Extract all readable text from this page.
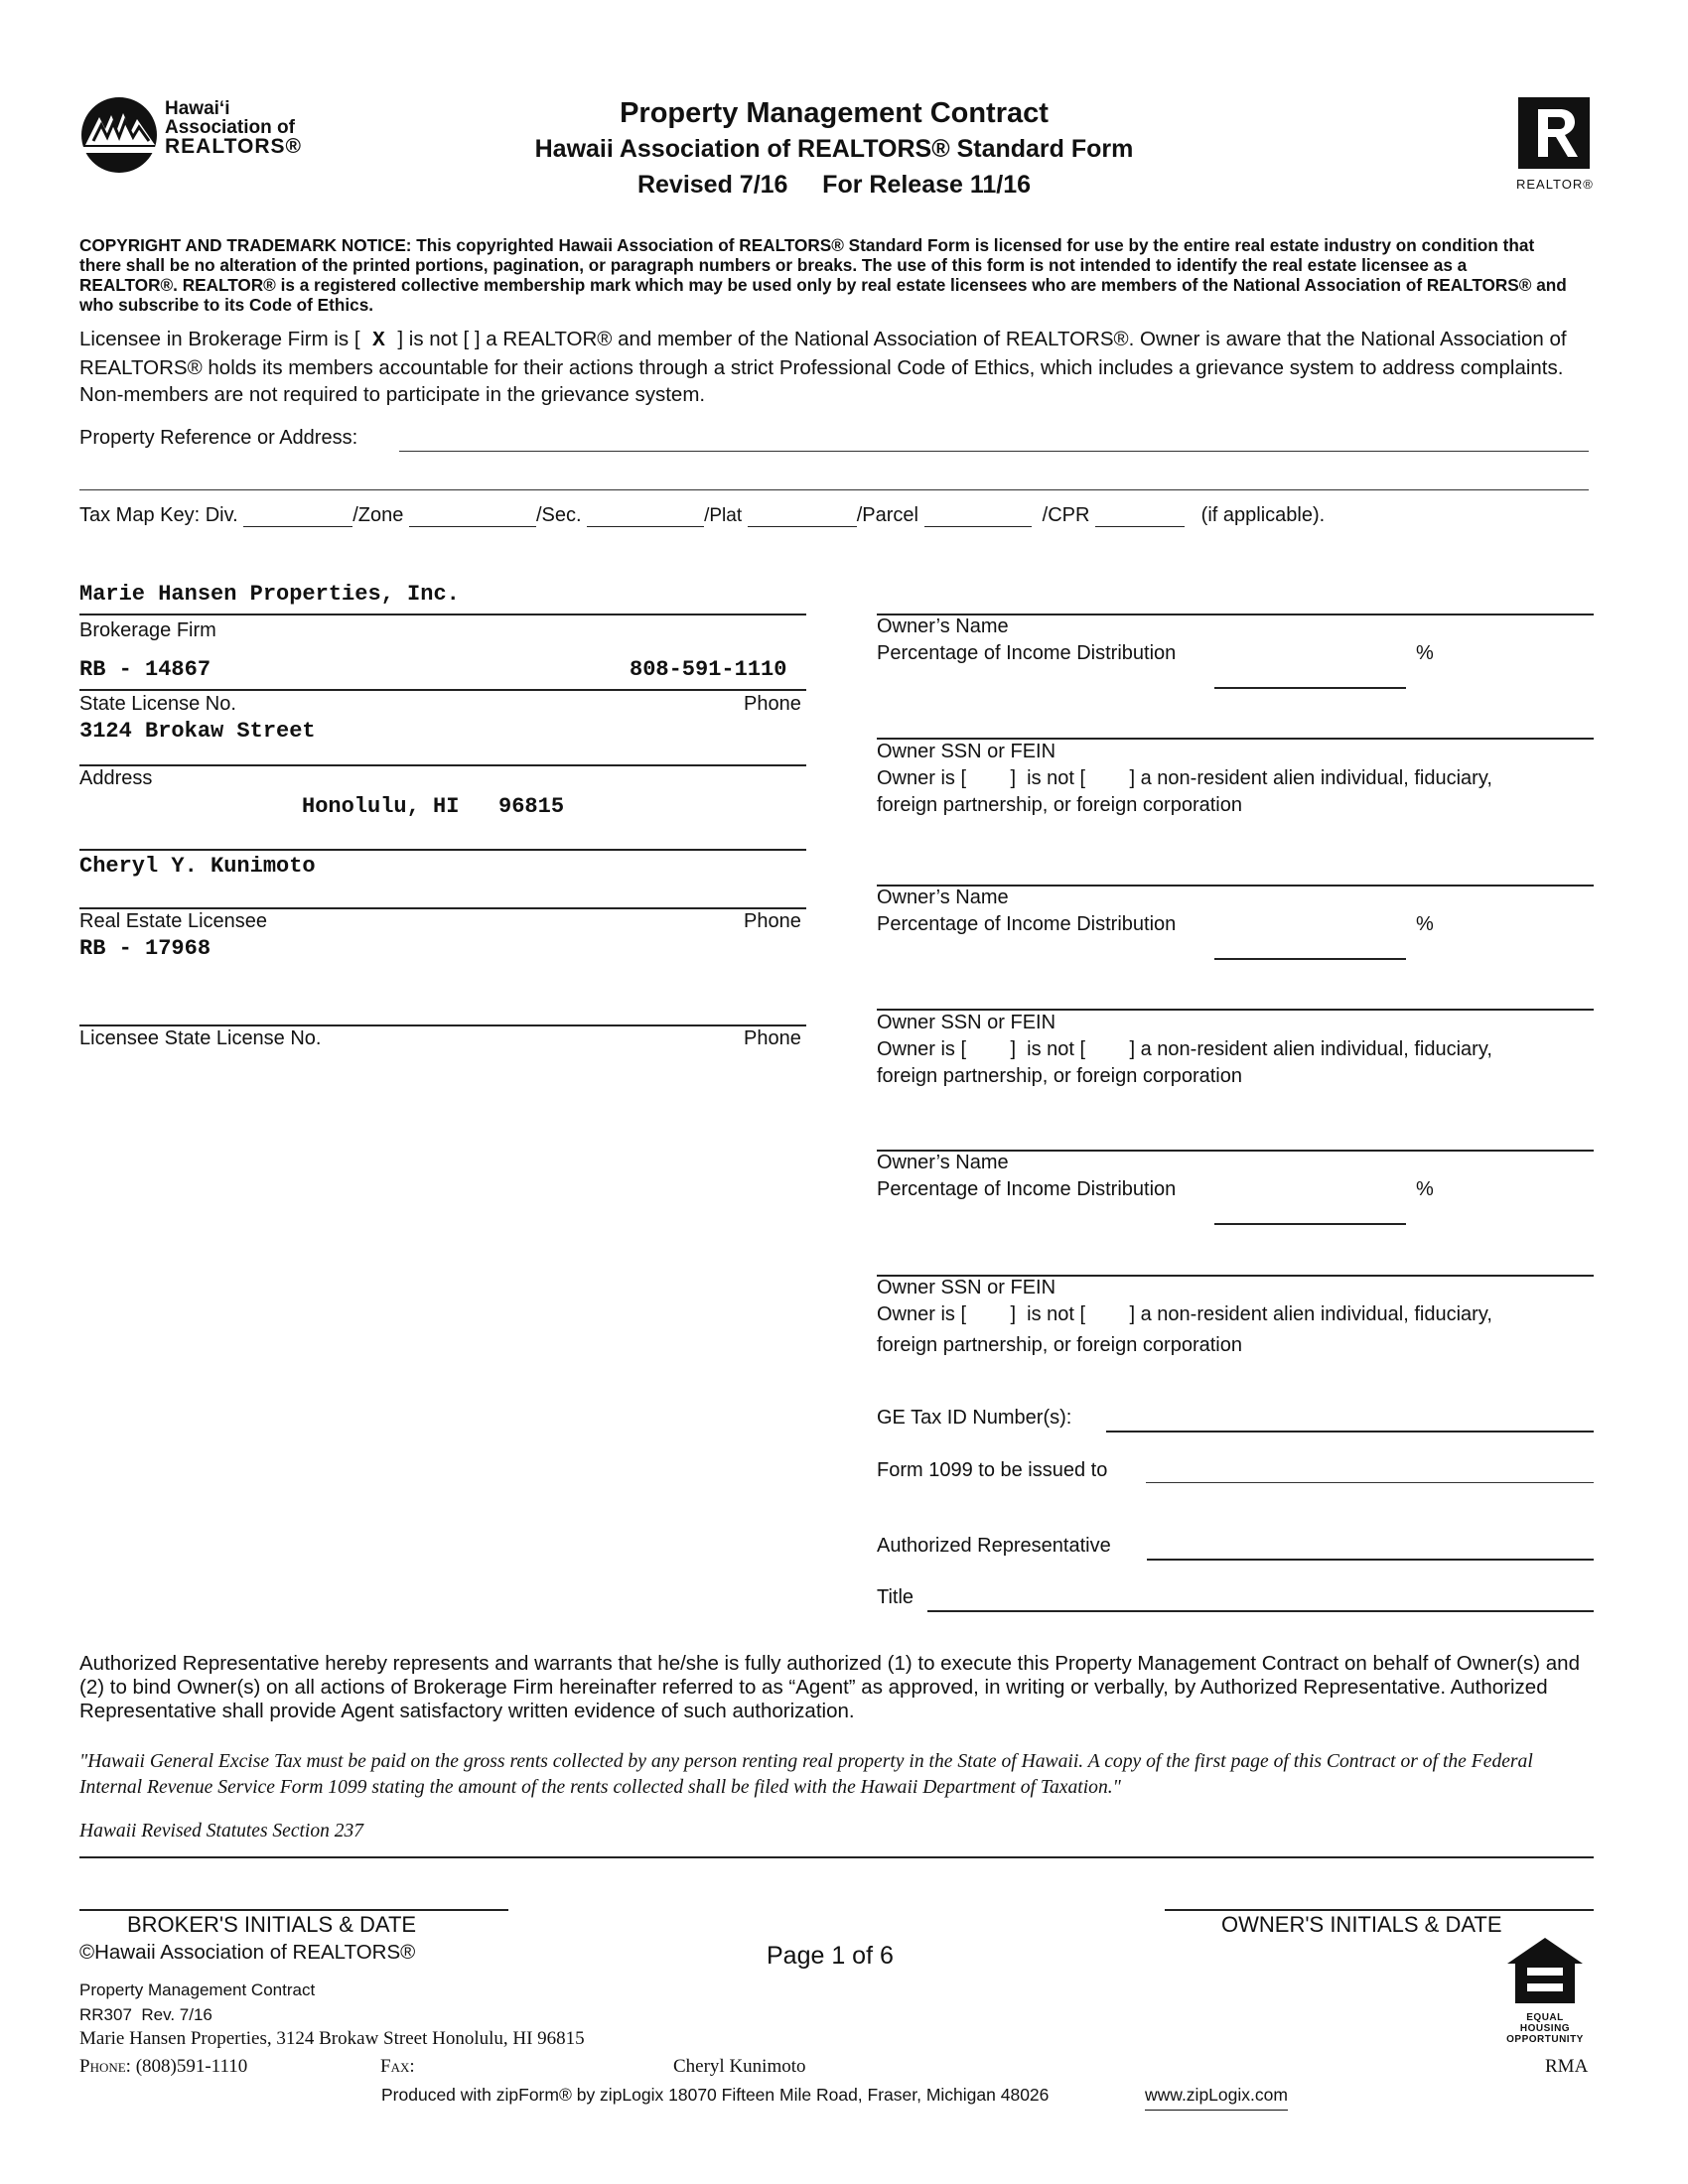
Hawai‘i
Association of
REALTORS®
Property Management Contract
Hawaii Association of REALTORS® Standard Form
Revised 7/16     For Release 11/16	REALTOR®
COPYRIGHT AND TRADEMARK NOTICE: This copyrighted Hawaii Association of REALTORS® Standard Form is licensed for use by the entire real estate industry on condition that there shall be no alteration of the printed portions, pagination, or paragraph numbers or breaks. The use of this form is not intended to identify the real estate licensee as a REALTOR®. REALTOR® is a registered collective membership mark which may be used only by real estate licensees who are members of the National Association of REALTORS® and who subscribe to its Code of Ethics.
Licensee in Brokerage Firm is [ X ] is not [ ] a REALTOR® and member of the National Association of REALTORS®. Owner is aware that the National Association of REALTORS® holds its members accountable for their actions through a strict Professional Code of Ethics, which includes a grievance system to address complaints. Non-members are not required to participate in the grievance system.
Property Reference or Address:
Tax Map Key: Div.	/Zone	/Sec.	/Plat	/Parcel	/CPR	(if applicable).
Marie Hansen Properties, Inc.
Brokerage Firm
RB - 14867	808-591-1110
State License No.	Phone
3124 Brokaw Street
Address
Honolulu, HI   96815
Cheryl Y. Kunimoto
Real Estate Licensee	Phone
RB - 17968
Licensee State License No.	Phone
Owner’s Name
Percentage of Income Distribution	%
Owner SSN or FEIN
Owner is [        ]  is not [        ] a non-resident alien individual, fiduciary,
foreign partnership, or foreign corporation
Owner’s Name
Percentage of Income Distribution	%
Owner SSN or FEIN
Owner is [        ]  is not [        ] a non-resident alien individual, fiduciary,
foreign partnership, or foreign corporation
Owner’s Name
Percentage of Income Distribution	%
Owner SSN or FEIN
Owner is [        ]  is not [        ] a non-resident alien individual, fiduciary,
foreign partnership, or foreign corporation
GE Tax ID Number(s):
Form 1099 to be issued to
Authorized Representative
Title
Authorized Representative hereby represents and warrants that he/she is fully authorized (1) to execute this Property Management Contract on behalf of Owner(s) and (2) to bind Owner(s) on all actions of Brokerage Firm hereinafter referred to as “Agent” as approved, in writing or verbally, by Authorized Representative. Authorized Representative shall provide Agent satisfactory written evidence of such authorization.
"Hawaii General Excise Tax must be paid on the gross rents collected by any person renting real property in the State of Hawaii. A copy of the first page of this Contract or of the Federal Internal Revenue Service Form 1099 stating the amount of the rents collected shall be filed with the Hawaii Department of Taxation."
Hawaii Revised Statutes Section 237
BROKER'S INITIALS & DATE	OWNER'S INITIALS & DATE
©Hawaii Association of REALTORS®	Page 1 of 6
Property Management Contract
RR307  Rev. 7/16
Marie Hansen Properties, 3124 Brokaw Street Honolulu, HI 96815
Phone: (808)591-1110	Fax:	Cheryl Kunimoto	RMA
Produced with zipForm® by zipLogix 18070 Fifteen Mile Road, Fraser, Michigan 48026	www.zipLogix.com
EQUAL HOUSING
OPPORTUNITY
